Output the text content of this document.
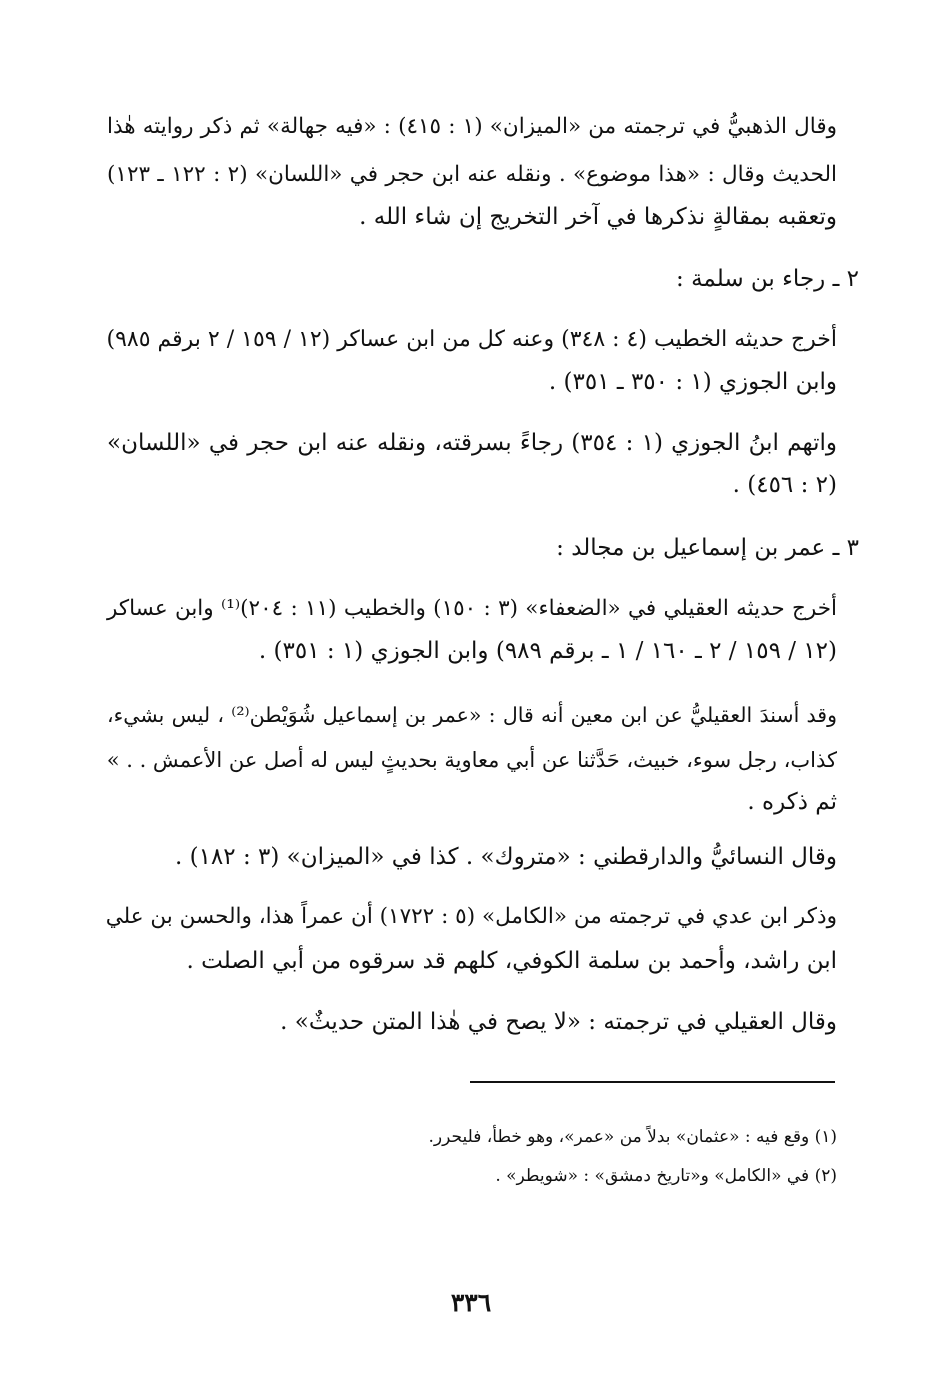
وقال الذهبيُّ في ترجمته من «الميزان» (١ : ٤١٥) : «فيه جهالة» ثم ذكر روايته هٰذا
الحديث وقال : «هذا موضوع» . ونقله عنه ابن حجر في «اللسان» (٢ : ١٢٢ ـ ١٢٣)
وتعقبه بمقالةٍ نذكرها في آخر التخريج إن شاء الله .
٢ ـ رجاء بن سلمة :
أخرج حديثه الخطيب (٤ : ٣٤٨) وعنه كل من ابن عساكر (١٢ / ١٥٩ / ٢ برقم ٩٨٥)
وابن الجوزي (١ : ٣٥٠ ـ ٣٥١) .
واتهم ابنُ الجوزي (١ : ٣٥٤) رجاءً بسرقته، ونقله عنه ابن حجر في «اللسان»
(٢ : ٤٥٦) .
٣ ـ عمر بن إسماعيل بن مجالد :
أخرج حديثه العقيلي في «الضعفاء» (٣ : ١٥٠) والخطيب (١١ : ٢٠٤)⁽¹⁾ وابن عساكر
(١٢ / ١٥٩ / ٢ ـ ١٦٠ / ١ ـ برقم ٩٨٩) وابن الجوزي (١ : ٣٥١) .
وقد أسندَ العقيليُّ عن ابن معين أنه قال : «عمر بن إسماعيل شُوَيْطن⁽²⁾ ، ليس بشيء،
كذاب، رجل سوء، خبيث، حَدَّثنا عن أبي معاوية بحديثٍ ليس له أصل عن الأعمش . . »
ثم ذكره .
وقال النسائيُّ والدارقطني : «متروك» . كذا في «الميزان» (٣ : ١٨٢) .
وذكر ابن عدي في ترجمته من «الكامل» (٥ : ١٧٢٢) أن عمراً هذا، والحسن بن علي
ابن راشد، وأحمد بن سلمة الكوفي، كلهم قد سرقوه من أبي الصلت .
وقال العقيلي في ترجمته : «لا يصح في هٰذا المتن حديثٌ» .
(١) وقع فيه : «عثمان» بدلاً من «عمر»، وهو خطأ، فليحرر.
(٢) في «الكامل» و«تاريخ دمشق» : «شويطر» .
٣٣٦
